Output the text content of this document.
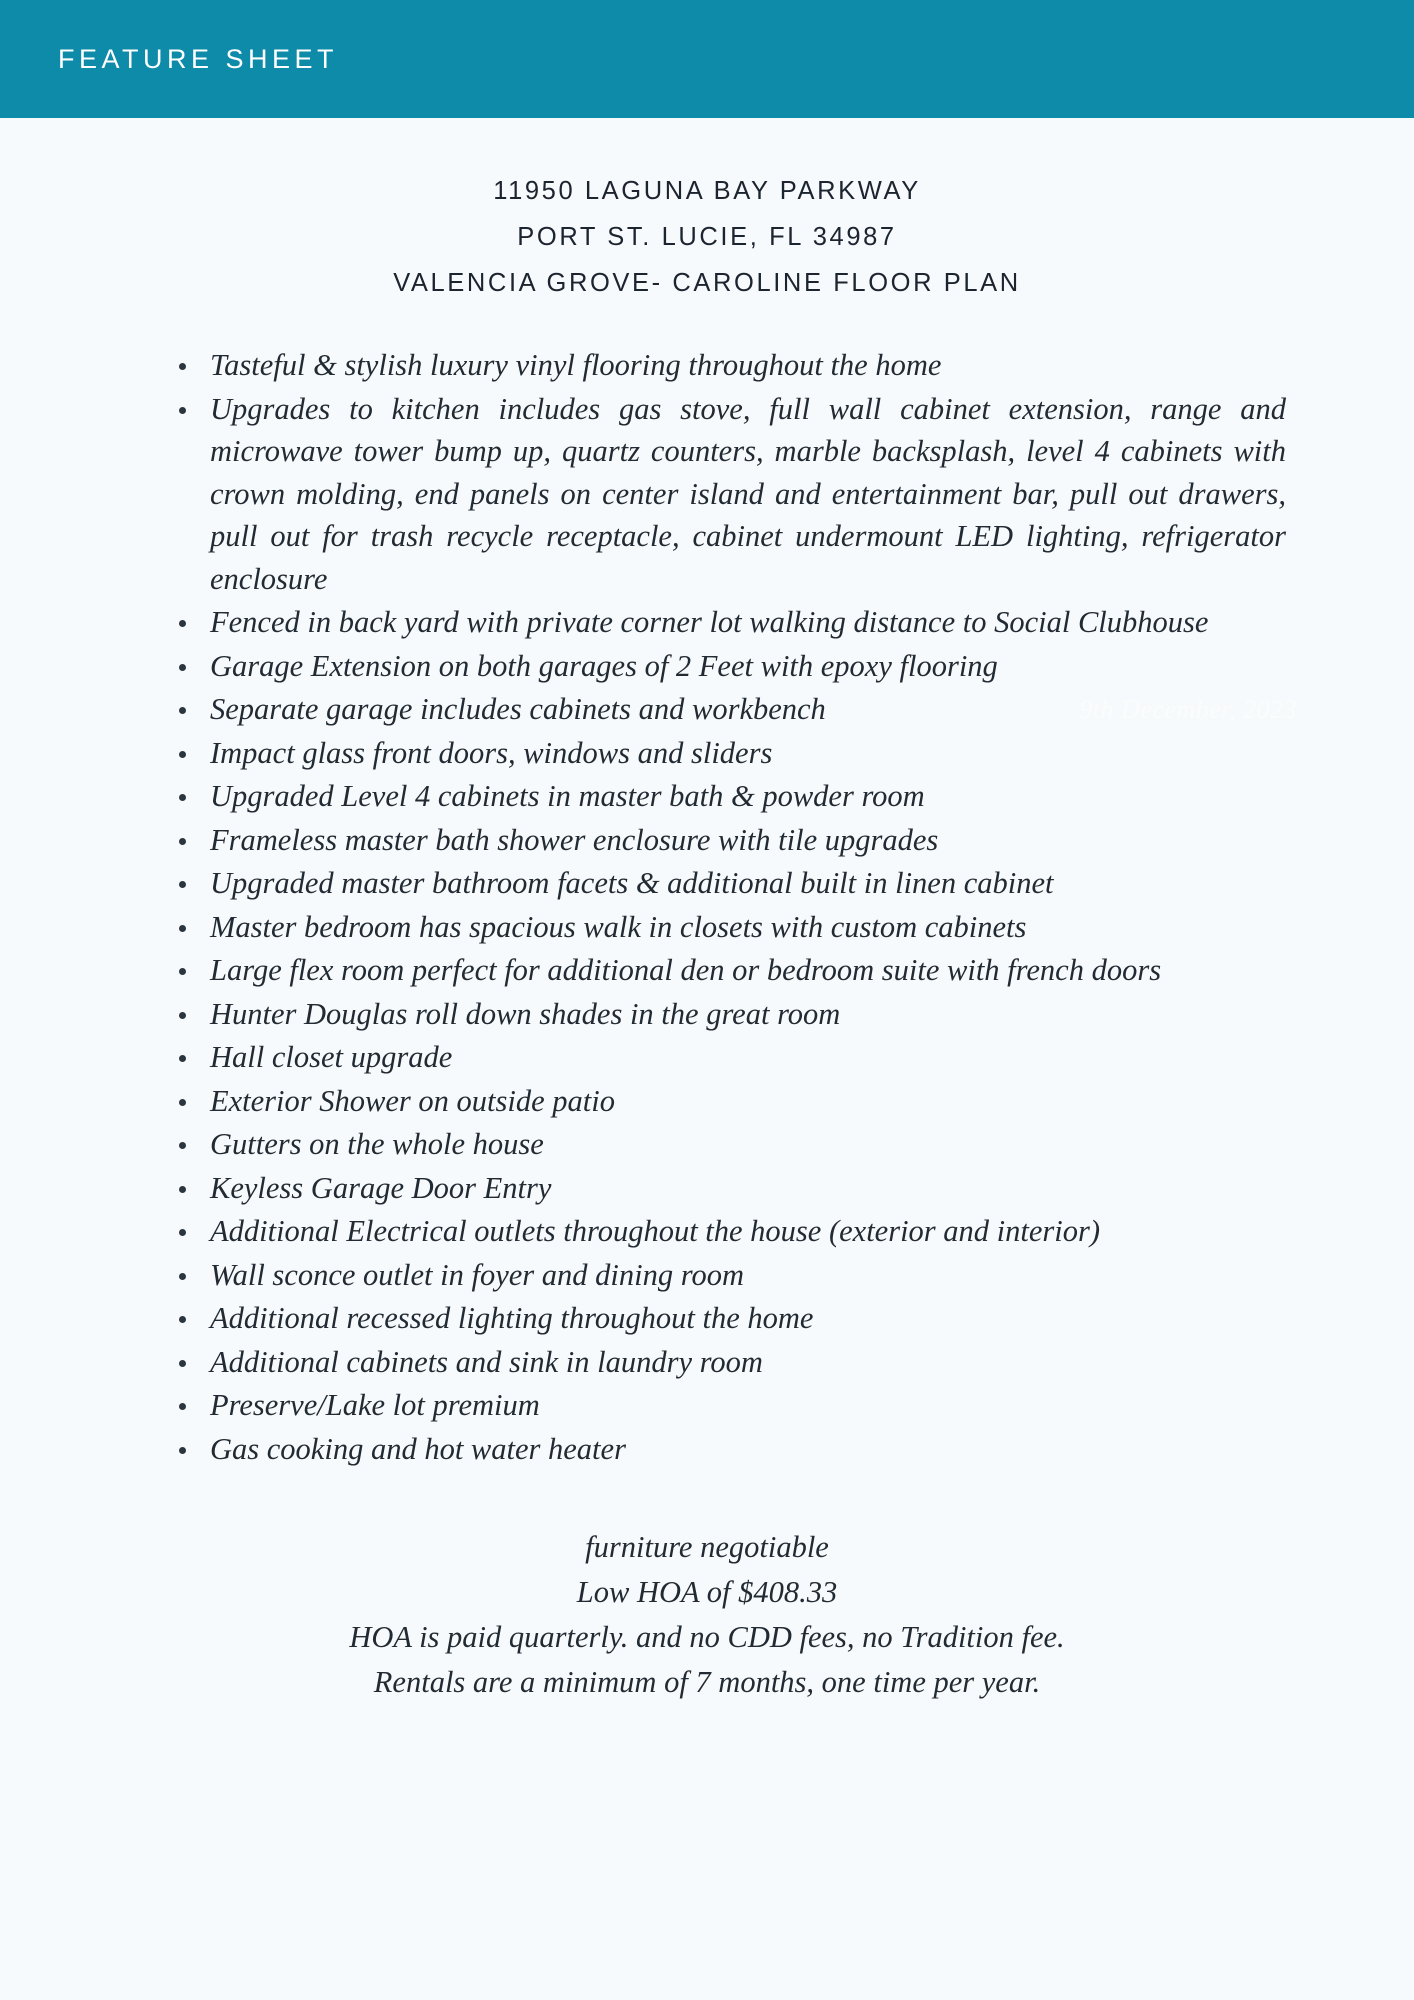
FEATURE SHEET
11950 LAGUNA BAY PARKWAY
PORT ST. LUCIE, FL 34987
VALENCIA GROVE- CAROLINE FLOOR PLAN
Tasteful & stylish luxury vinyl flooring throughout the home
Upgrades to kitchen includes gas stove, full wall cabinet extension, range and microwave tower bump up, quartz counters, marble backsplash, level 4 cabinets with crown molding, end panels on center island and entertainment bar, pull out drawers, pull out for trash recycle receptacle, cabinet undermount LED lighting, refrigerator enclosure
Fenced in back yard with private corner lot walking distance to Social Clubhouse
Garage Extension on both garages of 2 Feet with epoxy flooring
Separate garage includes cabinets and workbench
Impact glass front doors, windows and sliders
Upgraded Level 4 cabinets in master bath & powder room
Frameless master bath shower enclosure with tile upgrades
Upgraded master bathroom facets & additional built in linen cabinet
Master bedroom has spacious walk in closets with custom cabinets
Large flex room perfect for additional den or bedroom suite with french doors
Hunter Douglas roll down shades in the great room
Hall closet upgrade
Exterior Shower on outside patio
Gutters on the whole house
Keyless Garage Door Entry
Additional Electrical outlets throughout the house (exterior and interior)
Wall sconce outlet in foyer and dining room
Additional recessed lighting throughout the home
Additional cabinets and sink in laundry room
Preserve/Lake lot premium
Gas cooking and hot water heater
furniture negotiable
Low HOA of $408.33
HOA is paid quarterly. and no CDD fees, no Tradition fee.
Rentals are a minimum of 7 months, one time per year.
9th December, 2023
